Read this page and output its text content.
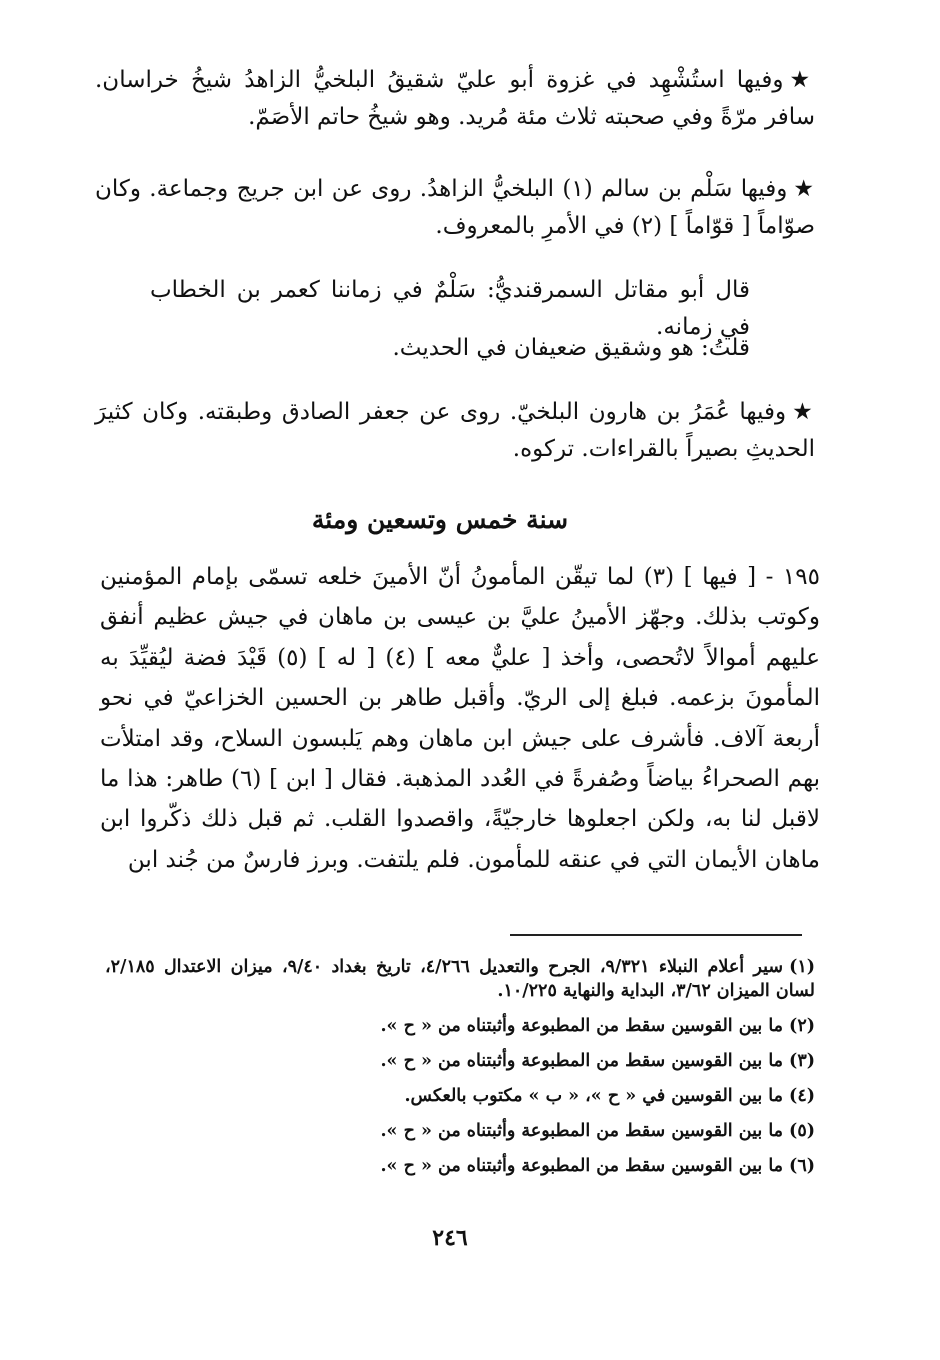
★وفيها استُشْهِد في غزوة أبو عليّ شقيقُ البلخيُّ الزاهدُ شيخُ خراسان. سافر مرّةً وفي صحبته ثلاث مئة مُريد. وهو شيخُ حاتم الأصَمّ.
★وفيها سَلْم بن سالم (١) البلخيُّ الزاهدُ. روى عن ابن جريج وجماعة. وكان صوّاماً [ قوّاماً ] (٢) في الأمرِ بالمعروف.
قال أبو مقاتل السمرقنديُّ: سَلْمٌ في زماننا كعمر بن الخطاب في زمانه.
قلتُ: هو وشقيق ضعيفان في الحديث.
★وفيها عُمَرُ بن هارون البلخيّ. روى عن جعفر الصادق وطبقته. وكان كثيرَ الحديثِ بصيراً بالقراءات. تركوه.
سنة خمس وتسعين ومئة
١٩٥ - [ فيها ] (٣) لما تيقّن المأمونُ أنّ الأمينَ خلعه تسمّى بإمام المؤمنين وكوتب بذلك. وجهّز الأمينُ عليَّ بن عيسى بن ماهان في جيش عظيم أنفق عليهم أموالاً لاتُحصى، وأخذ [ عليٌّ معه ] (٤) [ له ] (٥) قَيْدَ فضة ليُقيِّدَ به المأمونَ بزعمه. فبلغ إلى الريّ. وأقبل طاهر بن الحسين الخزاعيّ في نحو أربعة آلاف. فأشرف على جيش ابن ماهان وهم يَلبسون السلاح، وقد امتلأت بهم الصحراءُ بياضاً وصُفرةً في العُدد المذهبة. فقال [ ابن ] (٦) طاهر: هذا ما لاقبل لنا به، ولكن اجعلوها خارجيّةً، واقصدوا القلب. ثم قبل ذلك ذكّروا ابن ماهان الأيمان التي في عنقه للمأمون. فلم يلتفت. وبرز فارسٌ من جُند ابن

(١)سير أعلام النبلاء ٩/٣٢١، الجرح والتعديل ٤/٢٦٦، تاريخ بغداد ٩/٤٠، ميزان الاعتدال ٢/١٨٥، لسان الميزان ٣/٦٢، البداية والنهاية ١٠/٢٢٥.

(٢)ما بين القوسين سقط من المطبوعة وأثبتناه من « ح ».

(٣)ما بين القوسين سقط من المطبوعة وأثبتناه من « ح ».

(٤)ما بين القوسين في « ح »، « ب » مكتوب بالعكس.

(٥)ما بين القوسين سقط من المطبوعة وأثبتناه من « ح ».

(٦)ما بين القوسين سقط من المطبوعة وأثبتناه من « ح ».

٢٤٦
